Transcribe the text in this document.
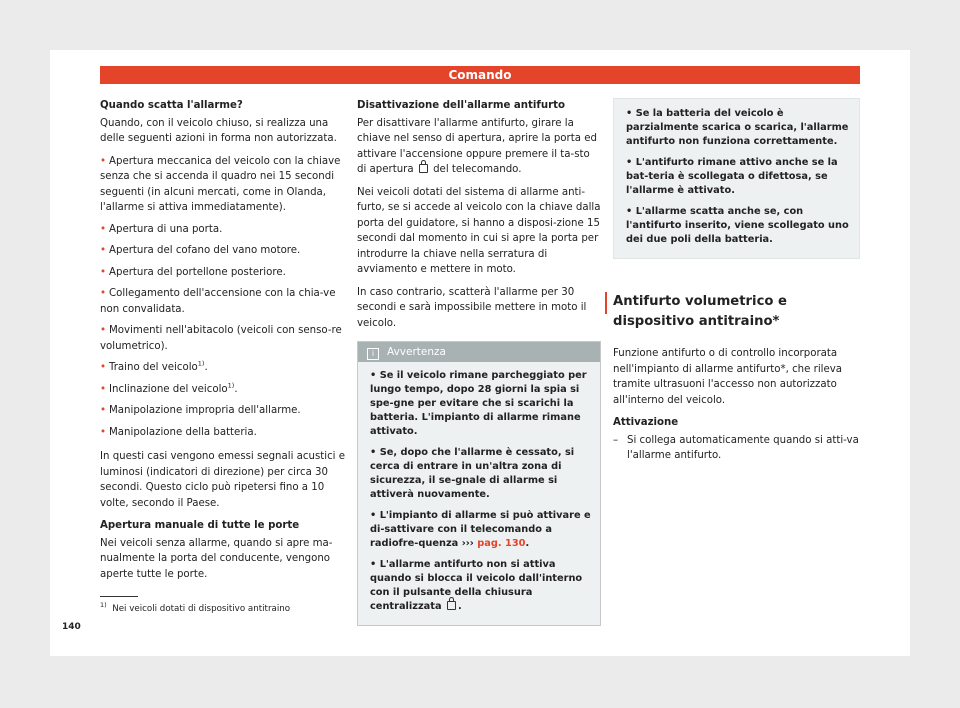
Comando

Quando scatta l'allarme?

Quando, con il veicolo chiuso, si realizza una delle seguenti azioni in forma non autorizzata.

• Apertura meccanica del veicolo con la chiave senza che si accenda il quadro nei 15 secondi seguenti (in alcuni mercati, come in Olanda, l'allarme si attiva immediatamente).
• Apertura di una porta.
• Apertura del cofano del vano motore.
• Apertura del portellone posteriore.
• Collegamento dell'accensione con la chia-ve non convalidata.
• Movimenti nell'abitacolo (veicoli con senso-re volumetrico).
• Traino del veicolo$^{1)}$.
• Inclinazione del veicolo$^{1)}$.
• Manipolazione impropria dell'allarme.
• Manipolazione della batteria.

In questi casi vengono emessi segnali acustici e luminosi (indicatori di direzione) per circa 30 secondi. Questo ciclo può ripetersi fino a 10 volte, secondo il Paese.

Apertura manuale di tutte le porte

Nei veicoli senza allarme, quando si apre ma-nualmente la porta del conducente, vengono aperte tutte le porte.

Disattivazione dell'allarme antifurto

Per disattivare l'allarme antifurto, girare la chiave nel senso di apertura, aprire la porta ed attivare l'accensione oppure premere il ta-sto di apertura del telecomando.

Nei veicoli dotati del sistema di allarme anti-furto, se si accede al veicolo con la chiave dalla porta del guidatore, si hanno a disposi-zione 15 secondi dal momento in cui si apre la porta per introdurre la chiave nella serratura di avviamento e mettere in moto.

In caso contrario, scatterà l'allarme per 30 secondi e sarà impossibile mettere in moto il veicolo.

i Avvertenza
• Se il veicolo rimane parcheggiato per lungo tempo, dopo 28 giorni la spia si spe-gne per evitare che si scarichi la batteria. L'impianto di allarme rimane attivato.
• Se, dopo che l'allarme è cessato, si cerca di entrare in un'altra zona di sicurezza, il se-gnale di allarme si attiverà nuovamente.
• L'impianto di allarme si può attivare e di-sattivare con il telecomando a radiofre-quenza ››› pag. 130.
• L'allarme antifurto non si attiva quando si blocca il veicolo dall'interno con il pulsante della chiusura centralizzata .
• Se la batteria del veicolo è parzialmente scarica o scarica, l'allarme antifurto non funziona correttamente.
• L'antifurto rimane attivo anche se la bat-teria è scollegata o difettosa, se l'allarme è attivato.
• L'allarme scatta anche se, con l'antifurto inserito, viene scollegato uno dei due poli della batteria.
Antifurto volumetrico e dispositivo antitraino*

Funzione antifurto o di controllo incorporata nell'impianto di allarme antifurto*, che rileva tramite ultrasuoni l'accesso non autorizzato all'interno del veicolo.

Attivazione

– Si collega automaticamente quando si atti-va l'allarme antifurto.
$^{1)}$ Nei veicoli dotati di dispositivo antitraino
140
